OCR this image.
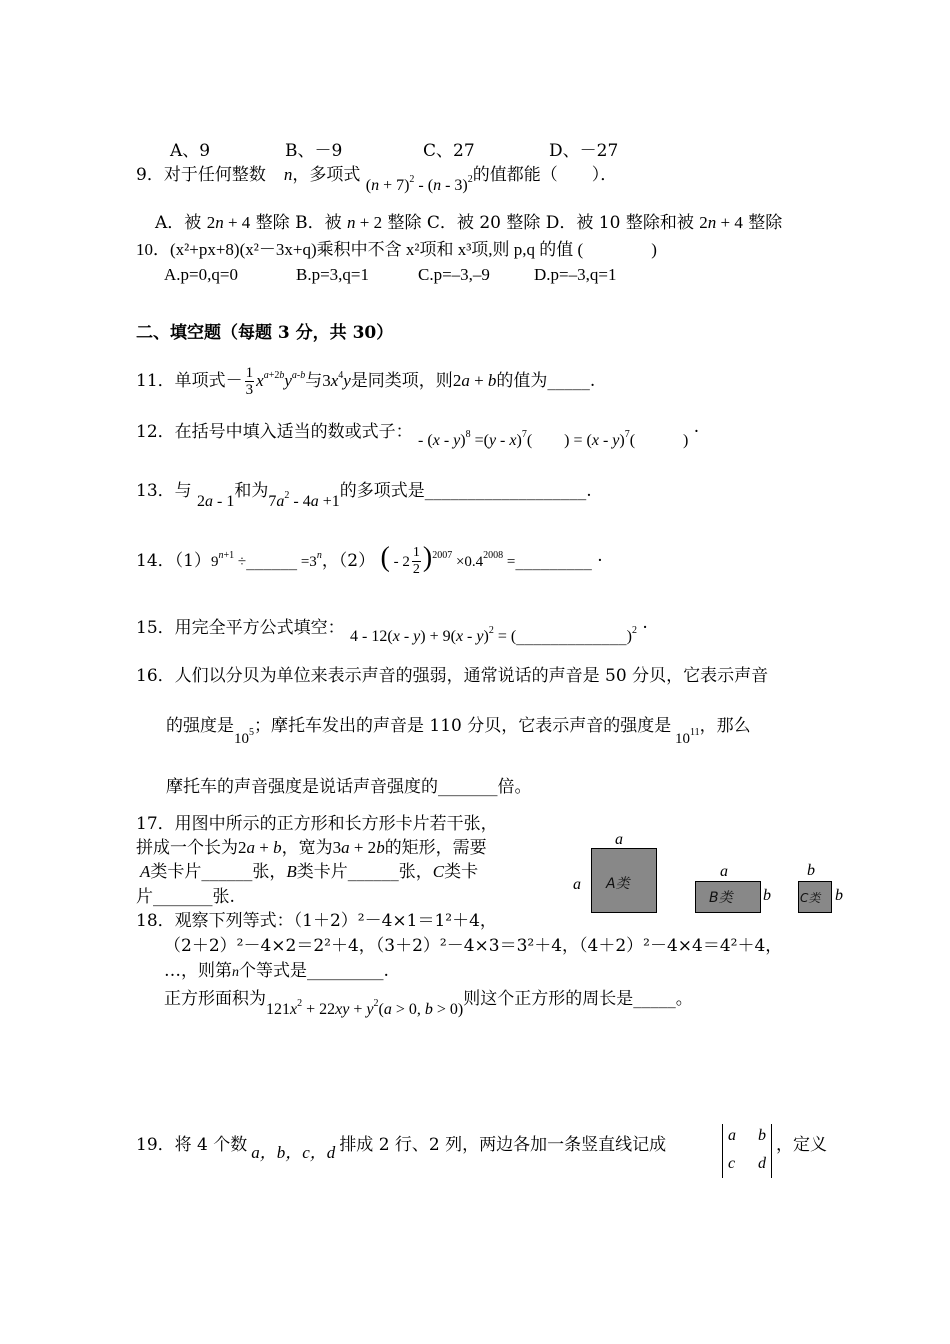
A、9	B、－9	C、27	D、－27
9．对于任何整数 n，多项式 $(n + 7)^2 - (n - 3)^2$的值都能（　　）．
A．被 2n + 4 整除 B．被 n + 2 整除 C．被 20 整除 D．被 10 整除和被 2n + 4 整除
10．(x²+px+8)(x²－3x+q)乘积中不含 x²项和 x³项,则 p,q 的值 (　　　　)
A.p=0,q=0	B.p=3,q=1	C.p=–3,–9	D.p=–3,q=1
二、填空题（每题 3 分，共 30）
11．单项式－ $\frac{1}{3} x^{a+2b}y^{a-b}$与$3x^4y$是同类项，则2a + b的值为_____.
12．在括号中填入适当的数或式子： - (x - y)$^8$ =(y - x)$^7$(　　) = (x - y)$^7$(　　　) ·
13．与 2a - 1和为$7a^2 - 4a +1$的多项式是___________________.
14．$(1)9^{n+1}$ ÷______ $=3^n$，（2） ( - $2 \frac{1}{2} )^{2007} \times 0.4^{2008}$ =_________ ·
15．用完全平方公式填空： 4 - 12(x - y) + 9(x - y)$^2$ = (_____________)$^2$ ·
16．人们以分贝为单位来表示声音的强弱，通常说话的声音是 50 分贝，它表示声音
的强度是$10^5$；摩托车发出的声音是 110 分贝，它表示声音的强度是 $10^{11}$，那么
摩托车的声音强度是说话声音强度的_______倍。
17．用图中所示的正方形和长方形卡片若干张，
拼成一个长为2a + b，宽为3a + 2b的矩形，需要
A类卡片______张，B类卡片______张，C类卡
片_______张.
a
A类
a
a
B类 b
b
C类 b
18．观察下列等式：（1＋2）²－4×1＝1²＋4，
（2＋2）²－4×2＝2²＋4，（3＋2）²－4×3＝3²＋4，（4＋2）²－4×4＝4²＋4，
…，则第n个等式是_________.
正方形面积为$121x^2 + 22xy + y^2(a > 0$, b > 0)则这个正方形的周长是_____。
19．将 4 个数 a，b，c，d 排成 2 行、2 列，两边各加一条竖直线记成	a b
c d
，定义
